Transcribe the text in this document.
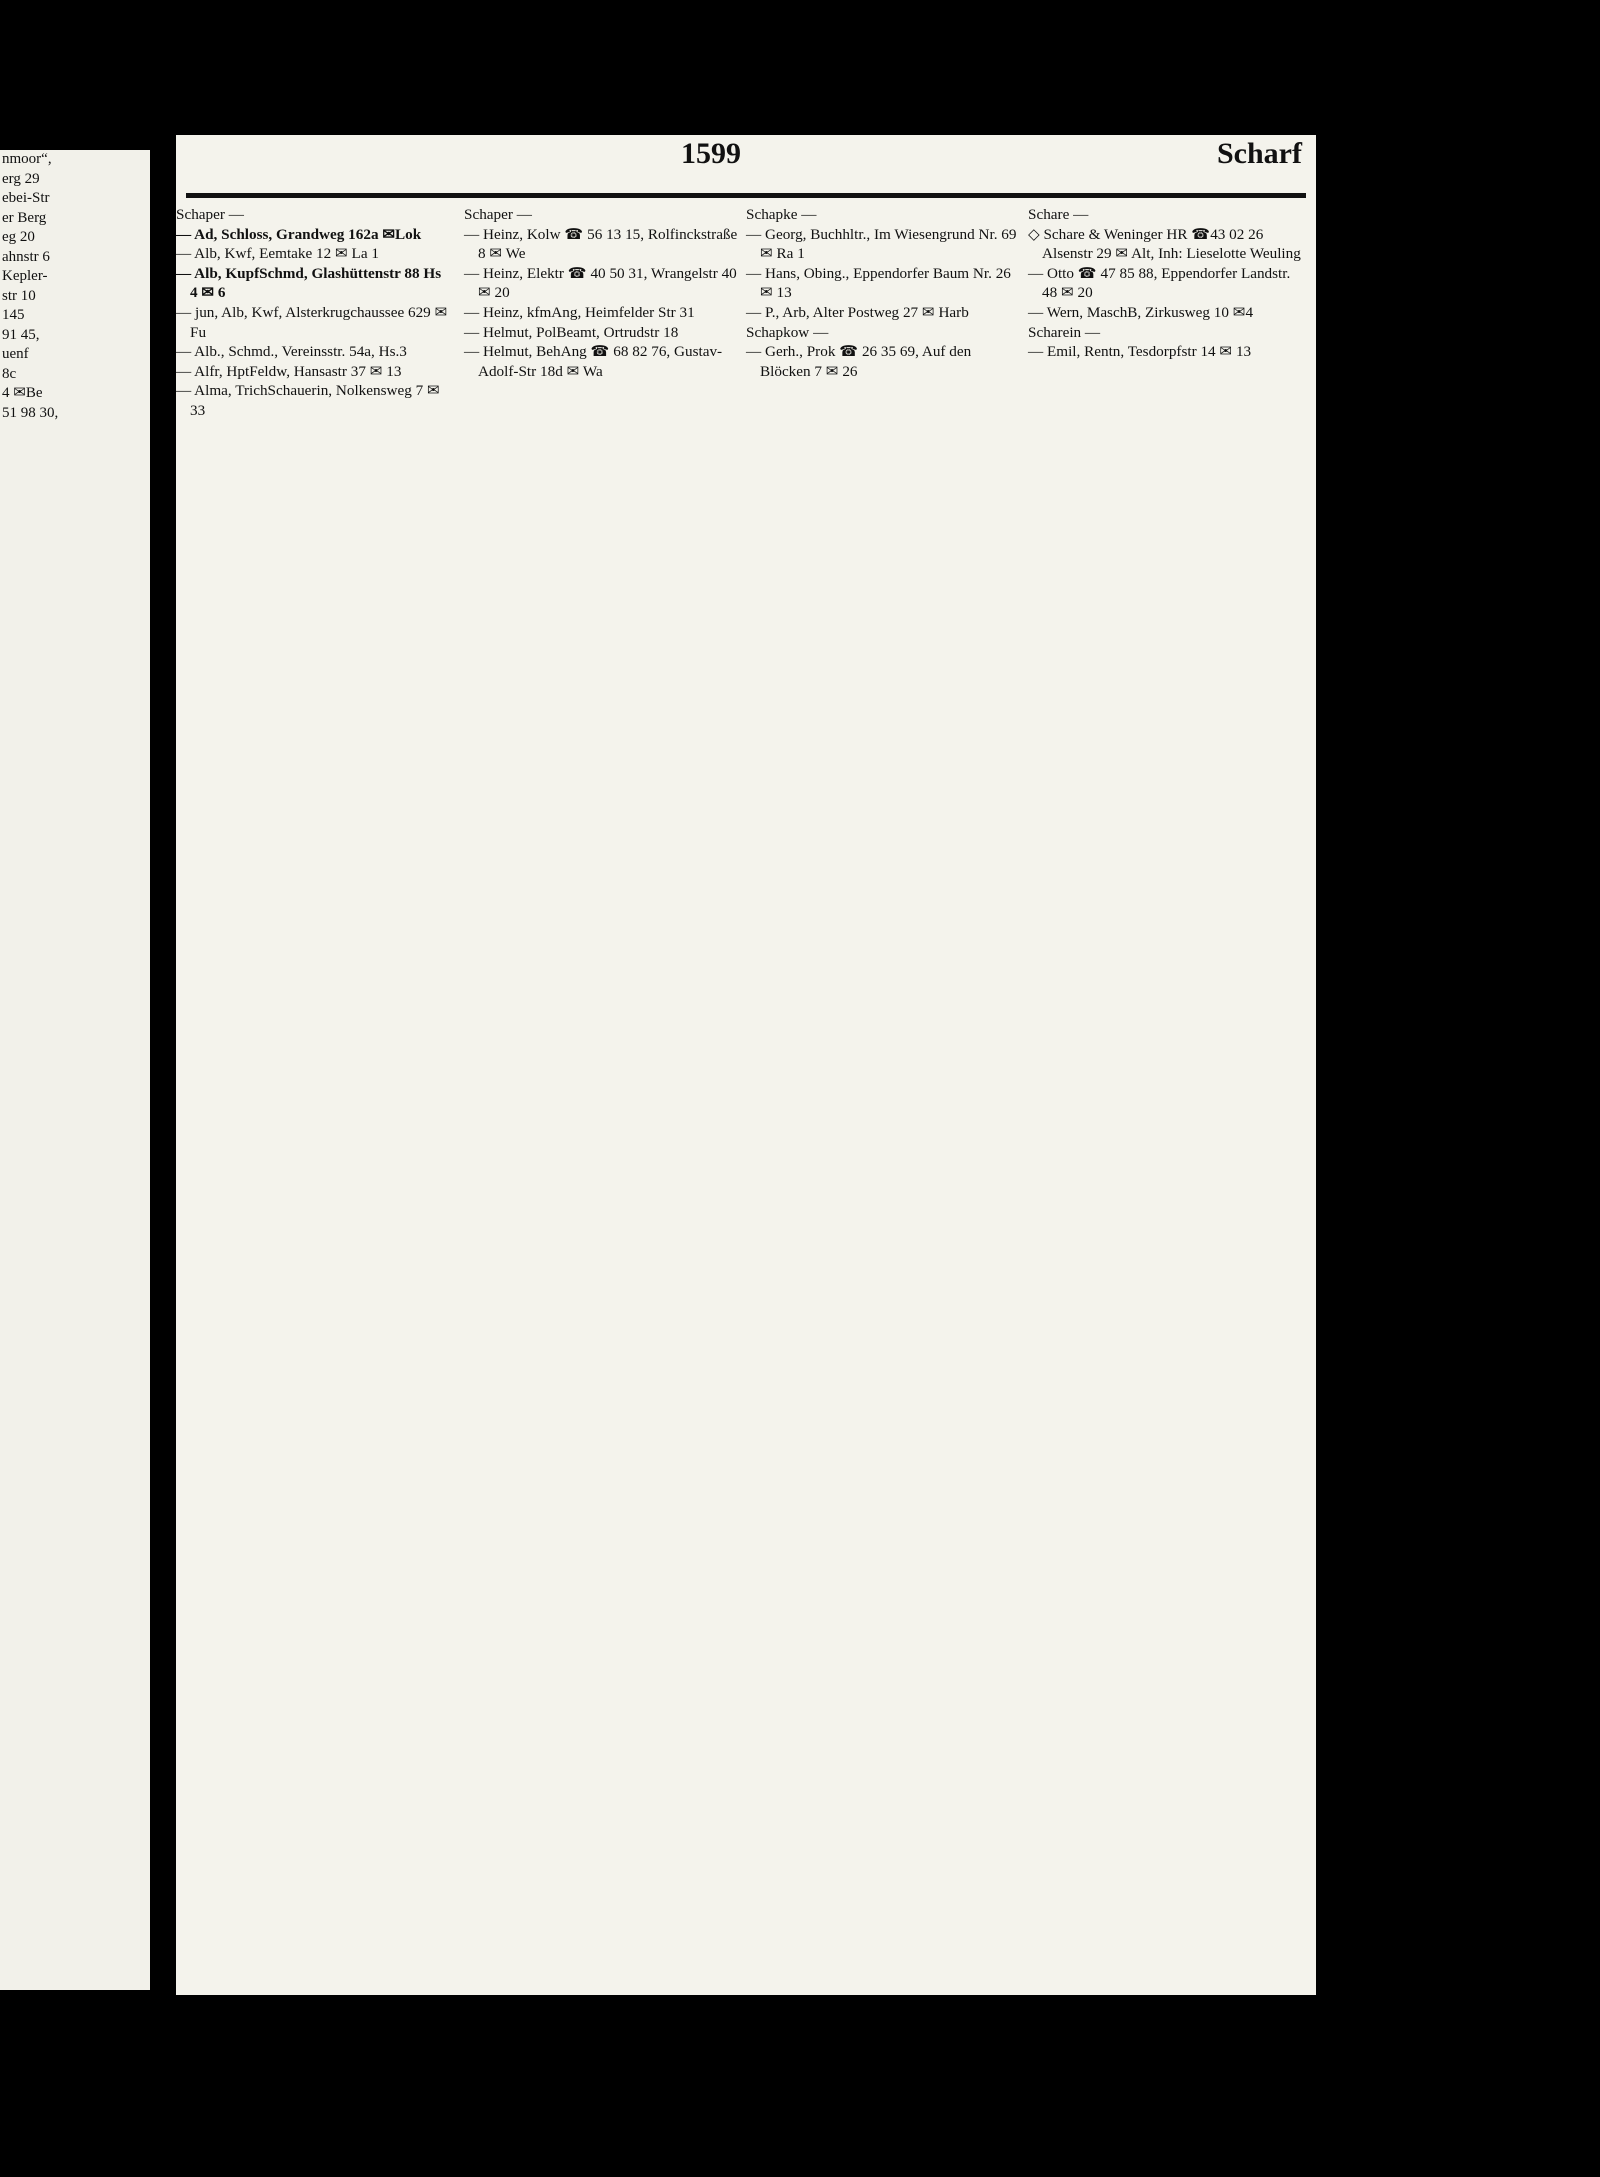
nmoor“,
erg 29
ebei-Str
er Berg
eg 20
ahnstr 6
Kepler-
str 10
145
91 45,
uenf
8c
4 ✉Be
51 98 30,
1599	Scharf
Schaper —
— Ad, Schloss, Grandweg 162a ✉Lok
— Alb, Kwf, Eemtake 12 ✉ La 1
— Alb, KupfSchmd, Glashüttenstr 88 Hs 4 ✉ 6
— jun, Alb, Kwf, Alsterkrugchaussee 629 ✉ Fu
— Alb., Schmd., Vereinsstr. 54a, Hs.3
— Alfr, HptFeldw, Hansastr 37 ✉ 13
— Alma, TrichSchauerin, Nolkensweg 7 ✉ 33
Schaper —
— Heinz, Kolw ☎ 56 13 15, Rolfinckstraße 8 ✉ We
— Heinz, Elektr ☎ 40 50 31, Wrangelstr 40 ✉ 20
— Heinz, kfmAng, Heimfelder Str 31
— Helmut, PolBeamt, Ortrudstr 18
— Helmut, BehAng ☎ 68 82 76, Gustav-Adolf-Str 18d ✉ Wa
Schapke —
— Georg, Buchhltr., Im Wiesengrund Nr. 69 ✉ Ra 1
— Hans, Obing., Eppendorfer Baum Nr. 26 ✉ 13
— P., Arb, Alter Postweg 27 ✉ Harb
Schapkow —
— Gerh., Prok ☎ 26 35 69, Auf den Blöcken 7 ✉ 26
Schare —
◇ Schare & Weninger HR ☎43 02 26 Alsenstr 29 ✉ Alt, Inh: Lieselotte Weuling
— Otto ☎ 47 85 88, Eppendorfer Landstr. 48 ✉ 20
— Wern, MaschB, Zirkusweg 10 ✉4
Scharein —
— Emil, Rentn, Tesdorpfstr 14 ✉ 13
